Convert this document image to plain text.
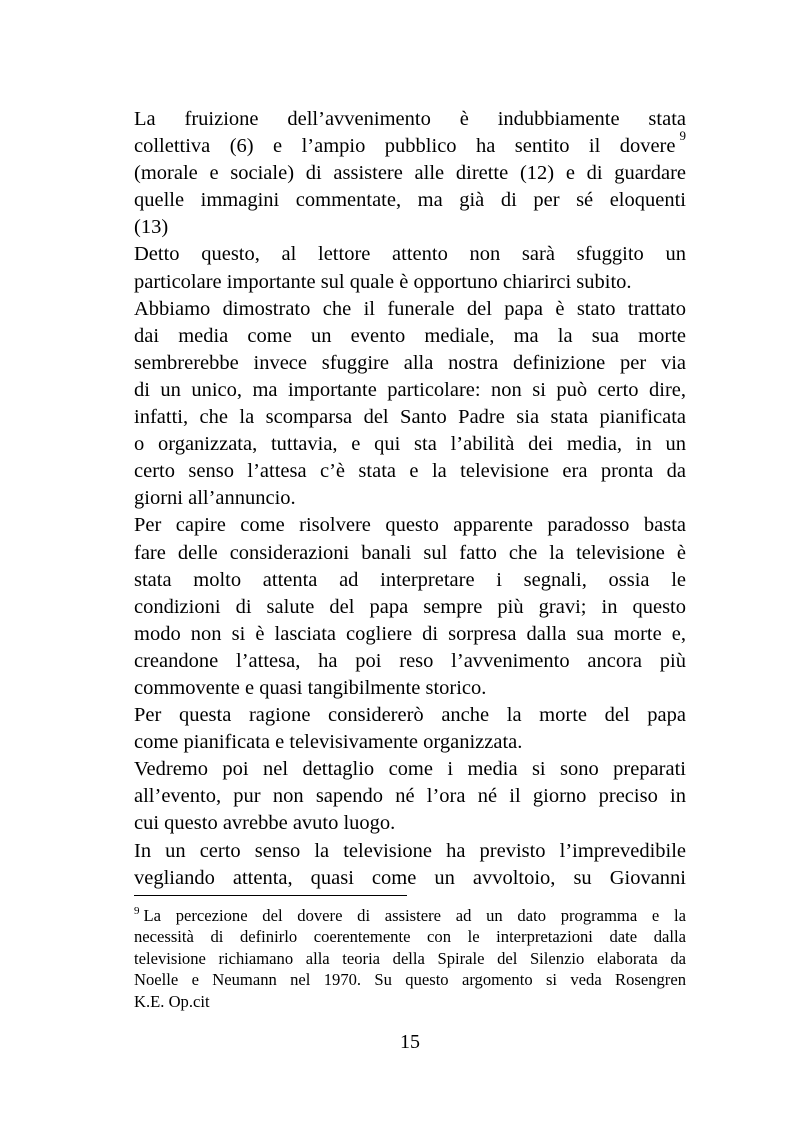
La fruizione dell’avvenimento è indubbiamente stata
collettiva (6) e l’ampio pubblico ha sentito il dovere $^9$
(morale e sociale) di assistere alle dirette (12) e di guardare
quelle immagini commentate, ma già di per sé eloquenti
(13)

Detto questo, al lettore attento non sarà sfuggito un
particolare importante sul quale è opportuno chiarirci subito.

Abbiamo dimostrato che il funerale del papa è stato trattato
dai media come un evento mediale, ma la sua morte
sembrerebbe invece sfuggire alla nostra definizione per via
di un unico, ma importante particolare: non si può certo dire,
infatti, che la scomparsa del Santo Padre sia stata pianificata
o organizzata, tuttavia, e qui sta l’abilità dei media, in un
certo senso l’attesa c’è stata e la televisione era pronta da
giorni all’annuncio.

Per capire come risolvere questo apparente paradosso basta
fare delle considerazioni banali sul fatto che la televisione è
stata molto attenta ad interpretare i segnali, ossia le
condizioni di salute del papa sempre più gravi; in questo
modo non si è lasciata cogliere di sorpresa dalla sua morte e,
creandone l’attesa, ha poi reso l’avvenimento ancora più
commovente e quasi tangibilmente storico.

Per questa ragione considererò anche la morte del papa
come pianificata e televisivamente organizzata.

Vedremo poi nel dettaglio come i media si sono preparati
all’evento, pur non sapendo né l’ora né il giorno preciso in
cui questo avrebbe avuto luogo.

In un certo senso la televisione ha previsto l’imprevedibile
vegliando attenta, quasi come un avvoltoio, su Giovanni

$^9$ La percezione del dovere di assistere ad un dato programma e la
necessità di definirlo coerentemente con le interpretazioni date dalla
televisione richiamano alla teoria della Spirale del Silenzio elaborata da
Noelle e Neumann nel 1970. Su questo argomento si veda Rosengren
K.E. Op.cit
15
